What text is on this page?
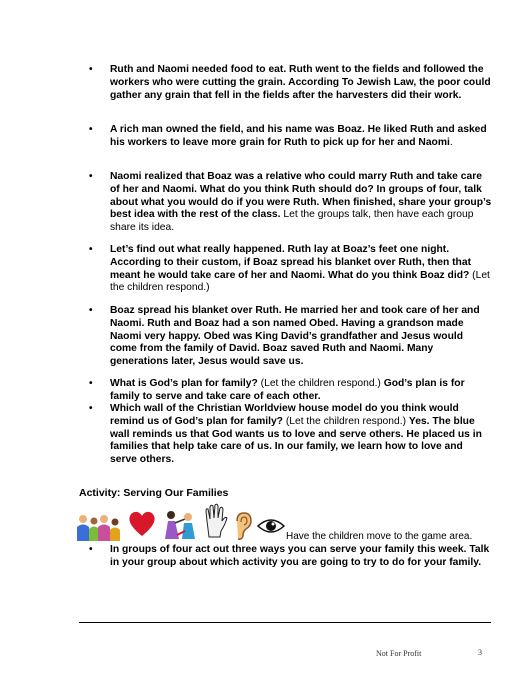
• Ruth and Naomi needed food to eat. Ruth went to the fields and followed the workers who were cutting the grain. According To Jewish Law, the poor could gather any grain that fell in the fields after the harvesters did their work.
• A rich man owned the field, and his name was Boaz. He liked Ruth and asked his workers to leave more grain for Ruth to pick up for her and Naomi.
• Naomi realized that Boaz was a relative who could marry Ruth and take care of her and Naomi. What do you think Ruth should do? In groups of four, talk about what you would do if you were Ruth. When finished, share your group’s best idea with the rest of the class. Let the groups talk, then have each group share its idea.
• Let’s find out what really happened. Ruth lay at Boaz’s feet one night. According to their custom, if Boaz spread his blanket over Ruth, then that meant he would take care of her and Naomi. What do you think Boaz did? (Let the children respond.)
• Boaz spread his blanket over Ruth. He married her and took care of her and Naomi. Ruth and Boaz had a son named Obed. Having a grandson made Naomi very happy. Obed was King David’s grandfather and Jesus would come from the family of David. Boaz saved Ruth and Naomi. Many generations later, Jesus would save us.
• What is God’s plan for family? (Let the children respond.) God’s plan is for family to serve and take care of each other.
• Which wall of the Christian Worldview house model do you think would remind us of God’s plan for family? (Let the children respond.) Yes. The blue wall reminds us that God wants us to love and serve others. He placed us in families that help take care of us. In our family, we learn how to love and serve others.
• In groups of four act out three ways you can serve your family this week. Talk in your group about which activity you are going to try to do for your family.
Activity: Serving Our Families
Have the children move to the game area.
Not For Profit	3
